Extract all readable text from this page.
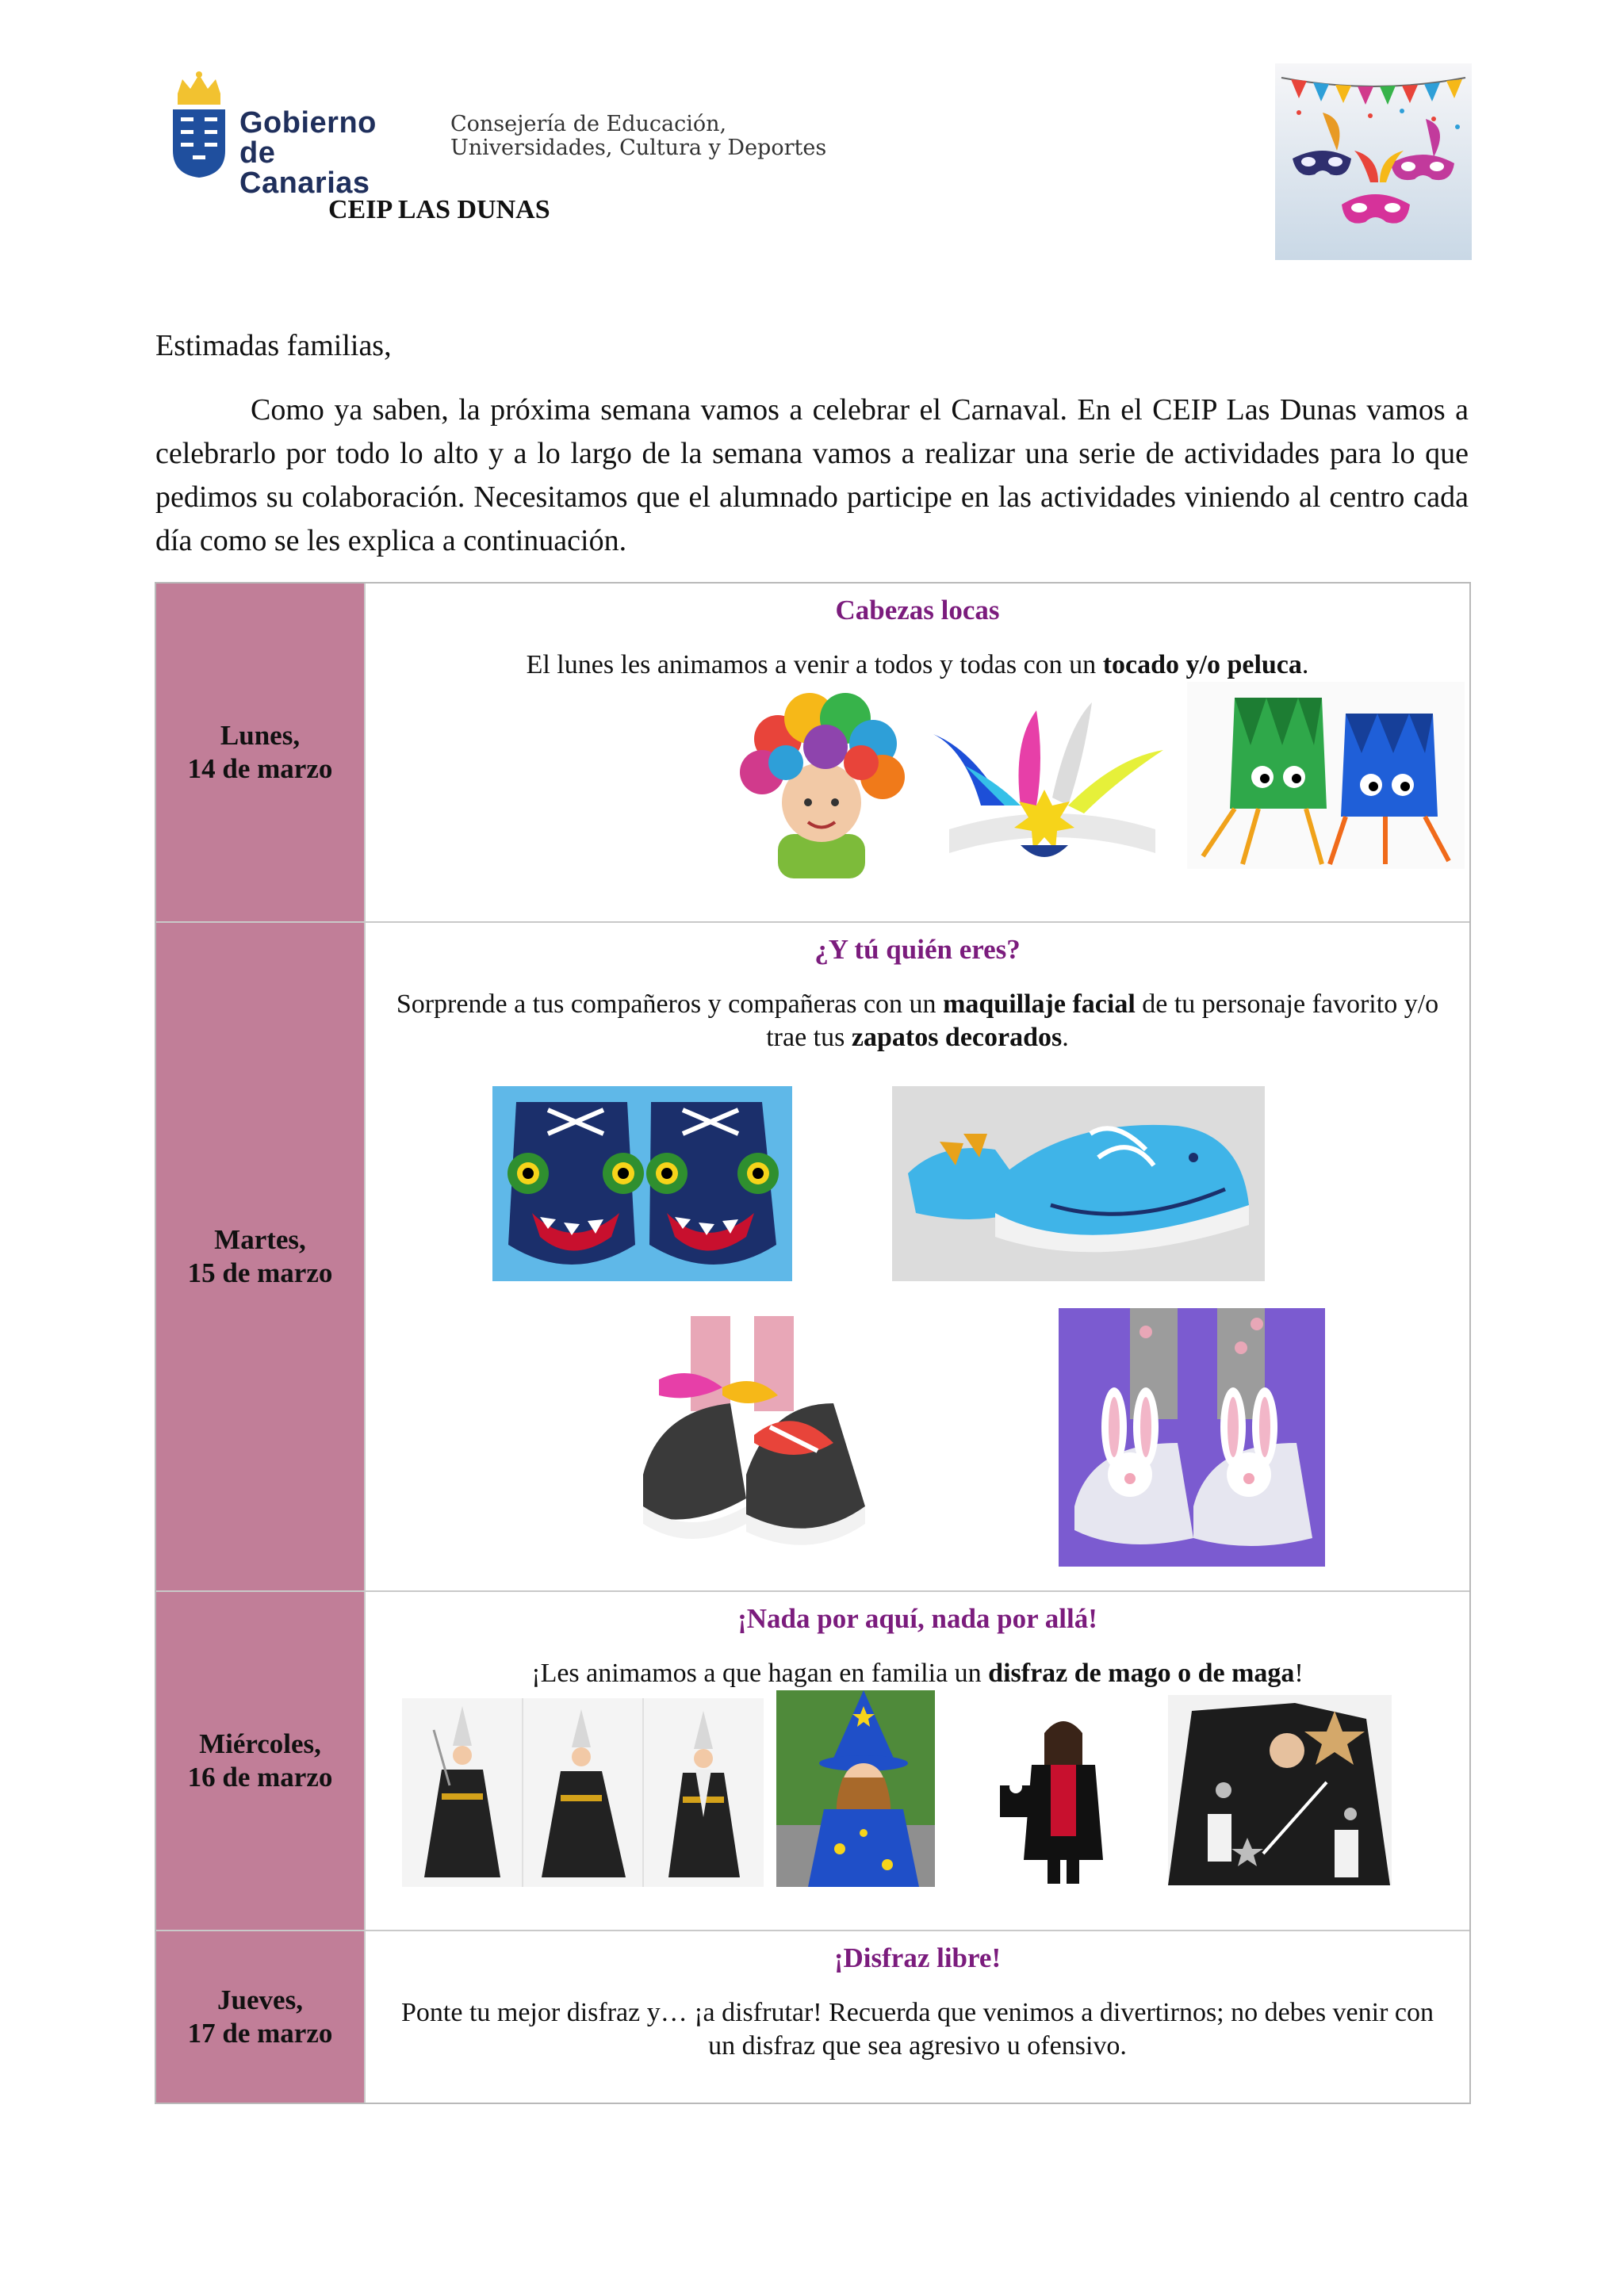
Gobierno
de Canarias
Consejería de Educación,
Universidades, Cultura y Deportes
CEIP LAS DUNAS
Estimadas familias,

Como ya saben, la próxima semana vamos a celebrar el Carnaval. En el CEIP Las Dunas vamos a celebrarlo por todo lo alto y a lo largo de la semana vamos a realizar una serie de actividades para lo que pedimos su colaboración. Necesitamos que el alumnado participe en las actividades viniendo al centro cada día como se les explica a continuación.

Lunes,
14 de marzo
Cabezas locas
El lunes les animamos a venir a todos y todas con un tocado y/o peluca.
Martes,
15 de marzo
¿Y tú quién eres?
Sorprende a tus compañeros y compañeras con un maquillaje facial de tu personaje favorito y/o trae tus zapatos decorados.
Miércoles,
16 de marzo
¡Nada por aquí, nada por allá!
¡Les animamos a que hagan en familia un disfraz de mago o de maga!
Jueves,
17 de marzo
¡Disfraz libre!
Ponte tu mejor disfraz y… ¡a disfrutar! Recuerda que venimos a divertirnos; no debes venir con un disfraz que sea agresivo u ofensivo.
